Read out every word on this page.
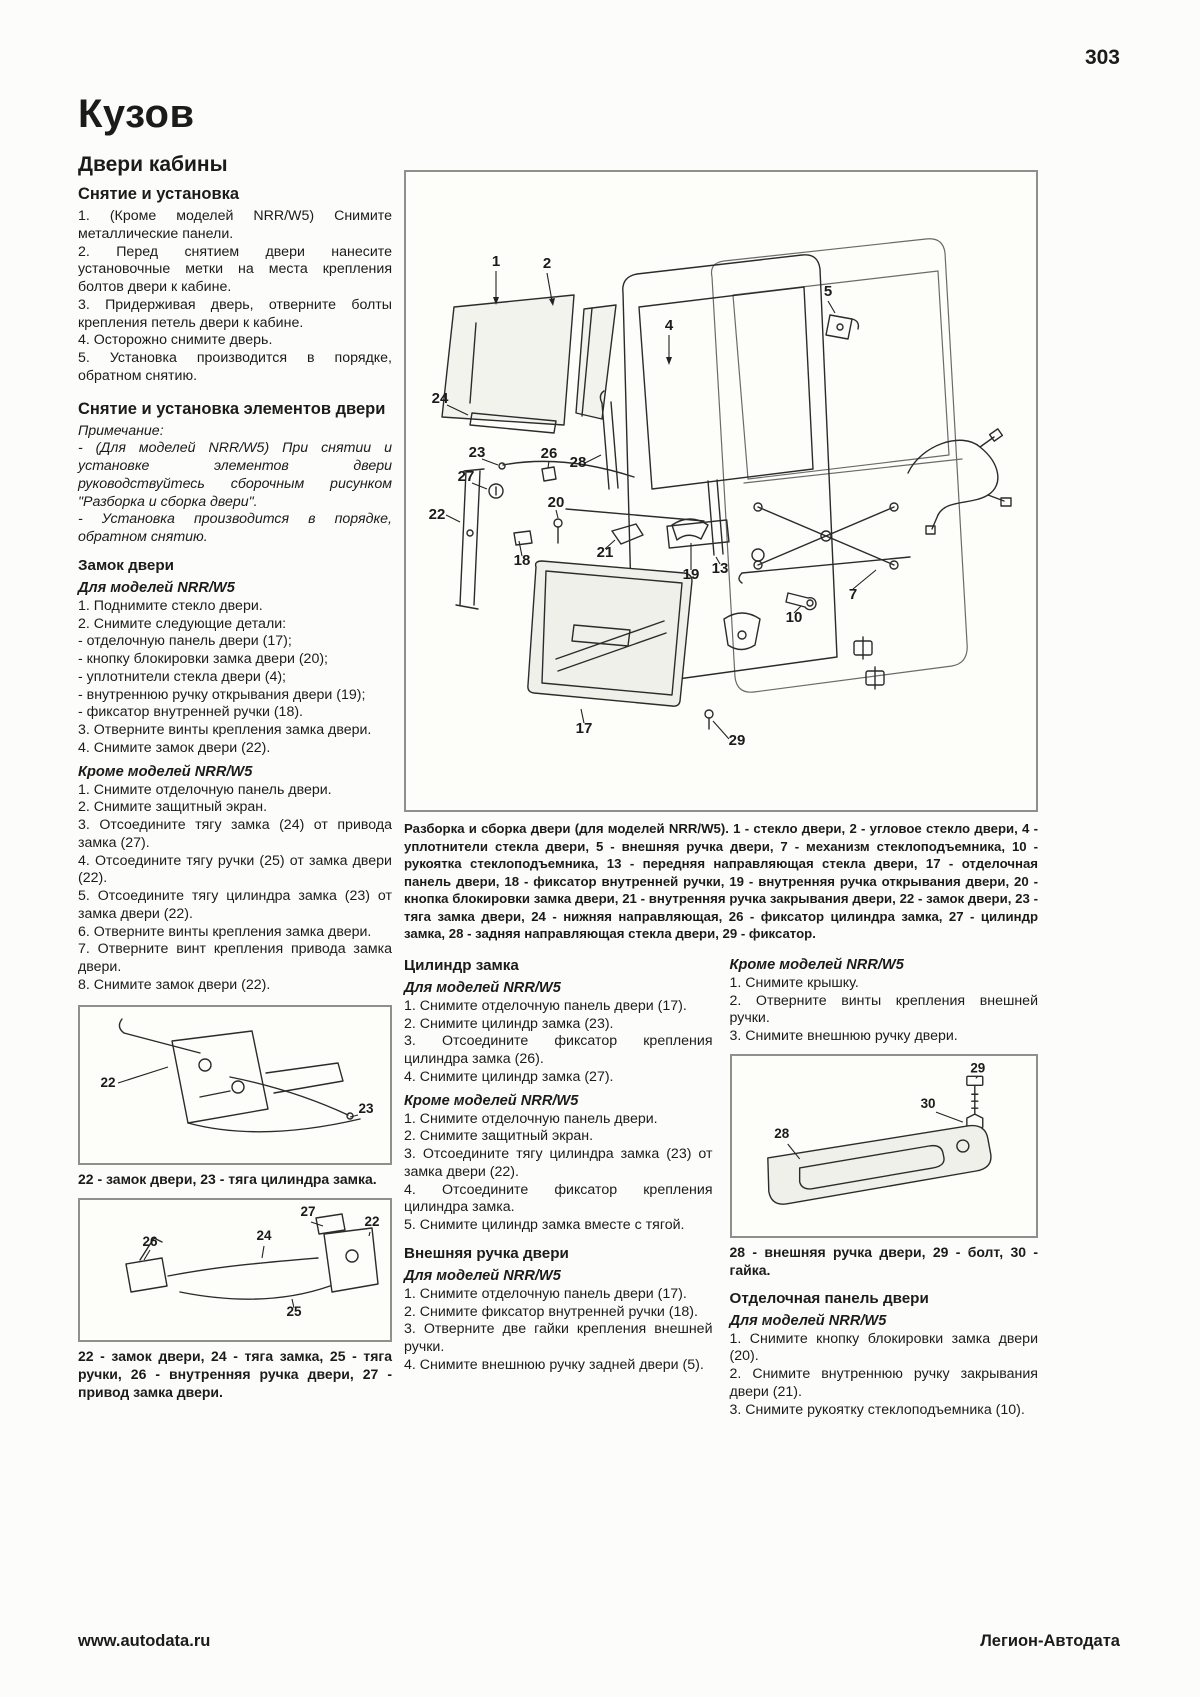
303
Кузов
Двери кабины
Снятие и установка

1. (Кроме моделей NRR/W5) Снимите металлические панели.

2. Перед снятием двери нанесите установочные метки на места крепления болтов двери к кабине.

3. Придерживая дверь, отверните болты крепления петель двери к кабине.

4. Осторожно снимите дверь.

5. Установка производится в порядке, обратном снятию.

Снятие и установка элементов двери

Примечание:

- (Для моделей NRR/W5) При снятии и установке элементов двери руководствуйтесь сборочным рисунком "Разборка и сборка двери".

- Установка производится в порядке, обратном снятию.

Замок двери

Для моделей NRR/W5

1. Поднимите стекло двери.

2. Снимите следующие детали:

- отделочную панель двери (17);

- кнопку блокировки замка двери (20);

- уплотнители стекла двери (4);

- внутреннюю ручку открывания двери (19);

- фиксатор внутренней ручки (18).

3. Отверните винты крепления замка двери.

4. Снимите замок двери (22).

Кроме моделей NRR/W5

1. Снимите отделочную панель двери.

2. Снимите защитный экран.

3. Отсоедините тягу замка (24) от привода замка (27).

4. Отсоедините тягу ручки (25) от замка двери (22).

5. Отсоедините тягу цилиндра замка (23) от замка двери (22).

6. Отверните винты крепления замка двери.

7. Отверните винт крепления привода замка двери.

8. Снимите замок двери (22).

22
23

22 - замок двери, 23 - тяга цилиндра замка.

26	24
25
27
22

22 - замок двери, 24 - тяга замка, 25 - тяга ручки, 26 - внутренняя ручка двери, 27 - привод замка двери.

1	2
4
5
7
10
13
17
18
19
20
21
22
23
24
26
27
28
29

Разборка и сборка двери (для моделей NRR/W5). 1 - стекло двери, 2 - угловое стекло двери, 4 - уплотнители стекла двери, 5 - внешняя ручка двери, 7 - механизм стеклоподъемника, 10 - рукоятка стеклоподъемника, 13 - передняя направляющая стекла двери, 17 - отделочная панель двери, 18 - фиксатор внутренней ручки, 19 - внутренняя ручка открывания двери, 20 - кнопка блокировки замка двери, 21 - внутренняя ручка закрывания двери, 22 - замок двери, 23 - тяга замка двери, 24 - нижняя направляющая, 26 - фиксатор цилиндра замка, 27 - цилиндр замка, 28 - задняя направляющая стекла двери, 29 - фиксатор.

Цилиндр замка

Для моделей NRR/W5

1. Снимите отделочную панель двери (17).

2. Снимите цилиндр замка (23).

3. Отсоедините фиксатор крепления цилиндра замка (26).

4. Снимите цилиндр замка (27).

Кроме моделей NRR/W5

1. Снимите отделочную панель двери.

2. Снимите защитный экран.

3. Отсоедините тягу цилиндра замка (23) от замка двери (22).

4. Отсоедините фиксатор крепления цилиндра замка.

5. Снимите цилиндр замка вместе с тягой.

Внешняя ручка двери

Для моделей NRR/W5

1. Снимите отделочную панель двери (17).

2. Снимите фиксатор внутренней ручки (18).

3. Отверните две гайки крепления внешней ручки.

4. Снимите внешнюю ручку задней двери (5).

Кроме моделей NRR/W5

1. Снимите крышку.

2. Отверните винты крепления внешней ручки.

3. Снимите внешнюю ручку двери.

29
30
28

28 - внешняя ручка двери, 29 - болт, 30 - гайка.

Отделочная панель двери

Для моделей NRR/W5

1. Снимите кнопку блокировки замка двери (20).

2. Снимите внутреннюю ручку закрывания двери (21).

3. Снимите рукоятку стеклоподъемника (10).

www.autodata.ru	Легион-Автодата
